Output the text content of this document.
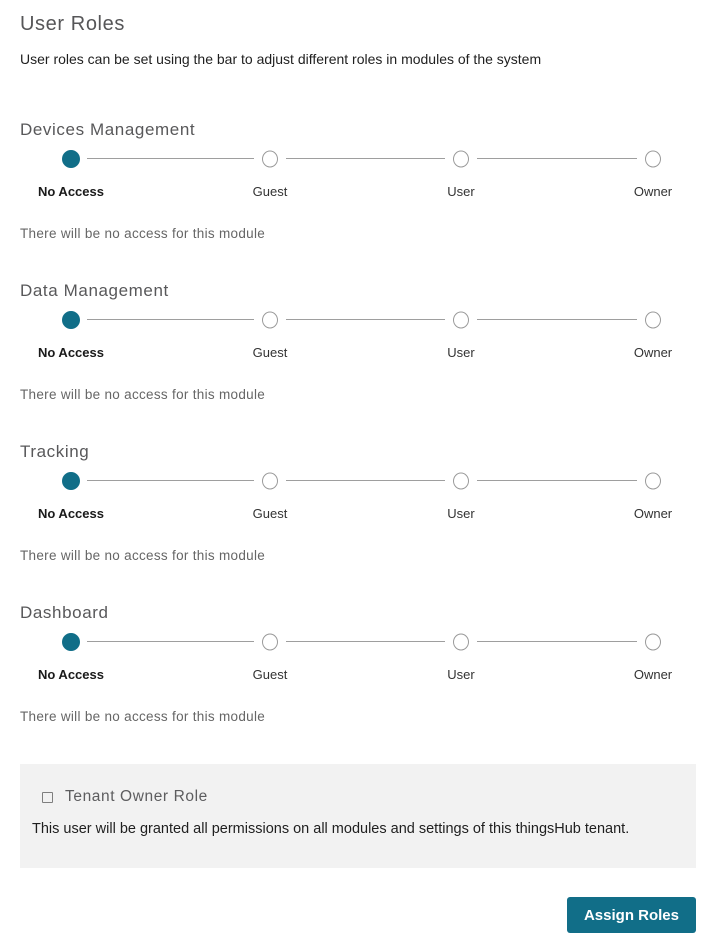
User Roles

User roles can be set using the bar to adjust different roles in modules of the system

Devices Management
No Access	Guest	User	Owner

There will be no access for this module

Data Management
No Access	Guest	User	Owner

There will be no access for this module

Tracking
No Access	Guest	User	Owner

There will be no access for this module

Dashboard
No Access	Guest	User	Owner

There will be no access for this module

Tenant Owner Role

This user will be granted all permissions on all modules and settings of this thingsHub tenant.

Assign Roles
